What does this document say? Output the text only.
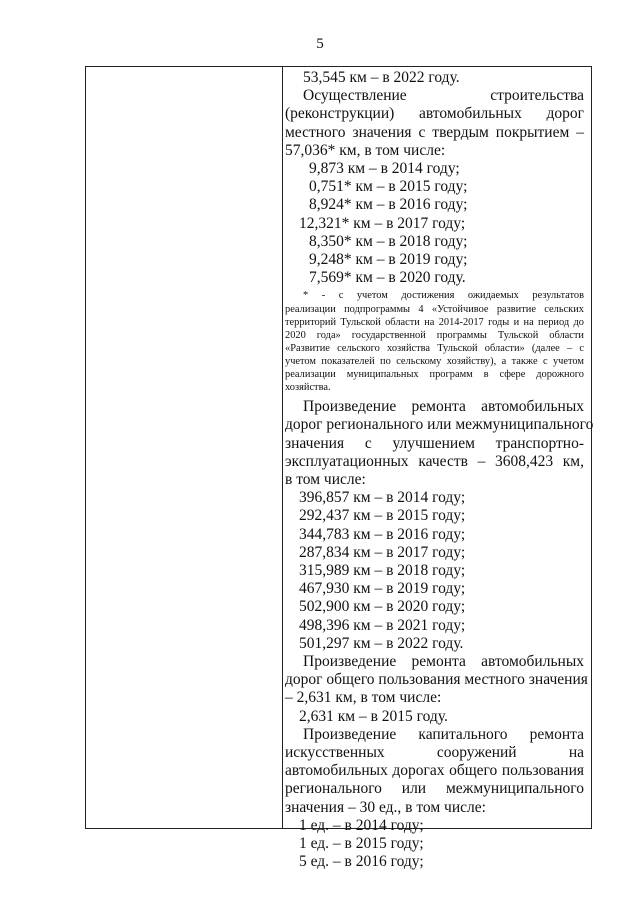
5

53,545 км – в 2022 году.

Осуществление строительства

(реконструкции) автомобильных дорог

местного значения с твердым покрытием –

57,036* км, в том числе:

9,873 км – в 2014 году;

0,751* км – в 2015 году;

8,924* км – в 2016 году;

12,321* км – в 2017 году;

8,350* км – в 2018 году;

9,248* км – в 2019 году;

7,569* км – в 2020 году.

* - с учетом достижения ожидаемых результатов
реализации подпрограммы 4 «Устойчивое развитие сельских
территорий Тульской области на 2014-2017 годы и на период до
2020 года» государственной программы Тульской области
«Развитие сельского хозяйства Тульской области» (далее – с
учетом показателей по сельскому хозяйству), а также с учетом
реализации муниципальных программ в сфере дорожного
хозяйства.

Произведение ремонта автомобильных

дорог регионального или межмуниципального

значения с улучшением транспортно-

эксплуатационных качеств – 3608,423 км,

в том числе:

396,857 км – в 2014 году;

292,437 км – в 2015 году;

344,783 км – в 2016 году;

287,834 км – в 2017 году;

315,989 км – в 2018 году;

467,930 км – в 2019 году;

502,900 км – в 2020 году;

498,396 км – в 2021 году;

501,297 км – в 2022 году.

Произведение ремонта автомобильных

дорог общего пользования местного значения

– 2,631 км, в том числе:

2,631 км – в 2015 году.

Произведение капитального ремонта

искусственных сооружений на

автомобильных дорогах общего пользования

регионального или межмуниципального

значения – 30 ед., в том числе:

1 ед. – в 2014 году;

1 ед. – в 2015 году;

5 ед. – в 2016 году;
